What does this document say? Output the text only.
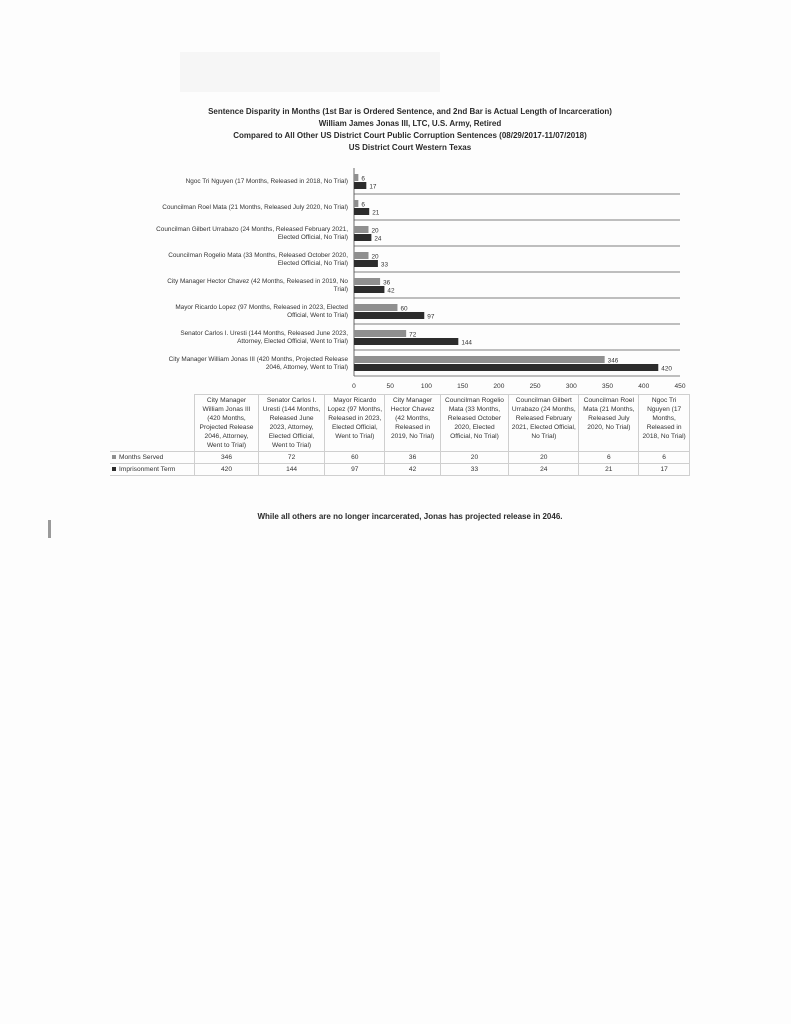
Sentence Disparity in Months (1st Bar is Ordered Sentence, and 2nd Bar is Actual Length of Incarceration)
William James Jonas III, LTC, U.S. Army, Retired
Compared to All Other US District Court Public Corruption Sentences (08/29/2017-11/07/2018)
US District Court Western Texas
Ngoc Tri Nguyen (17 Months, Released in 2018, No Trial) 6
17
Councilman Roel Mata (21 Months, Released July 2020, No Trial) 6
21
Councilman Gilbert Urrabazo (24 Months, Released February 2021, Elected Official, No Trial)
20
24
Councilman Rogelio Mata (33 Months, Released October 2020, Elected Official, No Trial)
20
33
City Manager Hector Chavez (42 Months, Released in 2019, No Trial)
36
42
Mayor Ricardo Lopez (97 Months, Released in 2023, Elected Official, Went to Trial)
60
97
Senator Carlos I. Uresti (144 Months, Released June 2023, Attorney, Elected Official, Went to Trial)
72
144
City Manager William Jonas III (420 Months, Projected Release 2046, Attorney, Went to Trial)
346
420
0	50	100	150	200	250	300	350	400	450
	City Manager William Jonas III (420 Months, Projected Release 2046, Attorney, Went to Trial)	Senator Carlos I. Uresti (144 Months, Released June 2023, Attorney, Elected Official, Went to Trial)	Mayor Ricardo Lopez (97 Months, Released in 2023, Elected Official, Went to Trial)	City Manager Hector Chavez (42 Months, Released in 2019, No Trial)	Councilman Rogelio Mata (33 Months, Released October 2020, Elected Official, No Trial)	Councilman Gilbert Urrabazo (24 Months, Released February 2021, Elected Official, No Trial)	Councilman Roel Mata (21 Months, Released July 2020, No Trial)	Ngoc Tri Nguyen (17 Months, Released in 2018, No Trial)
Months Served	346	72	60	36	20	20	6	6
Imprisonment Term	420	144	97	42	33	24	21	17
While all others are no longer incarcerated, Jonas has projected release in 2046.
